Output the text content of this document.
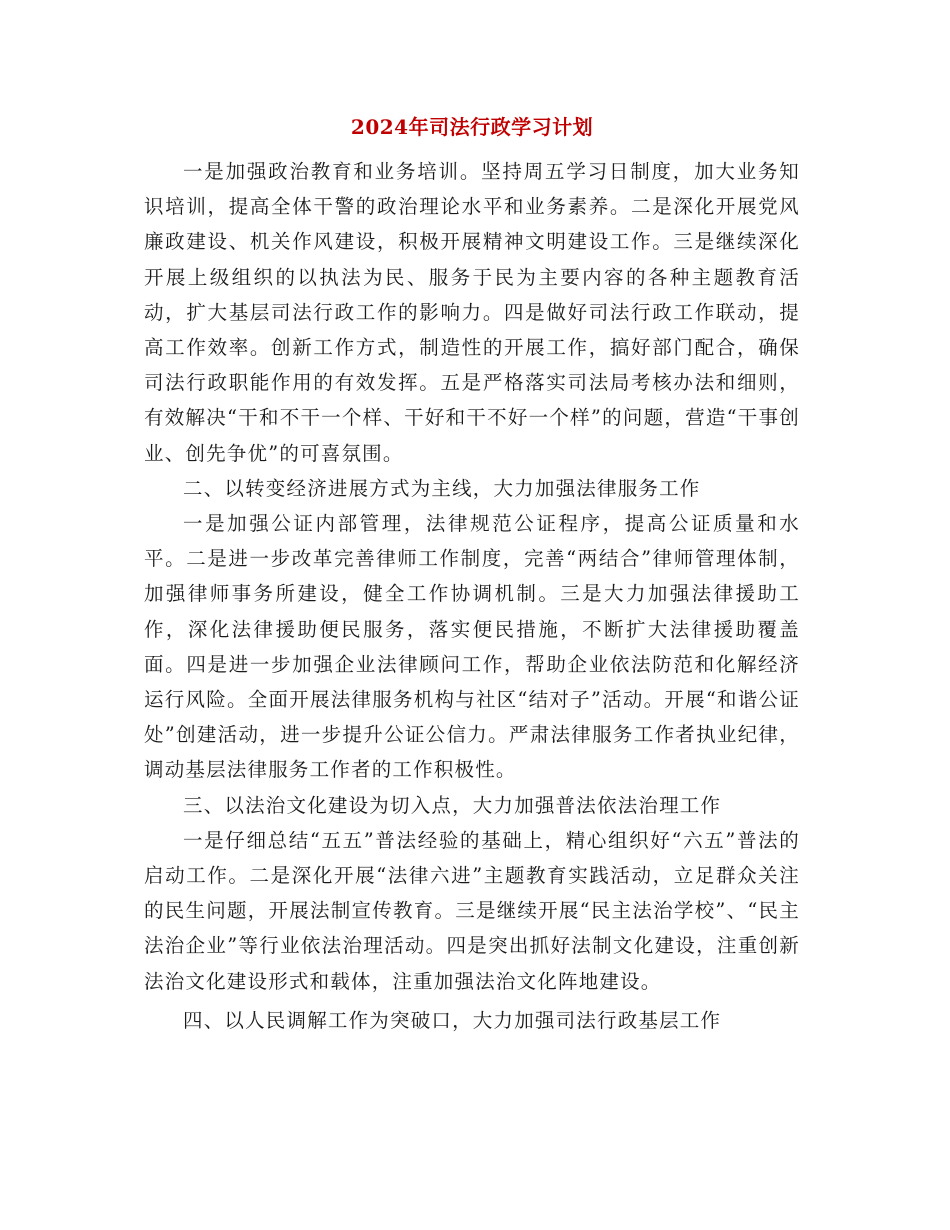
2024年司法行政学习计划

一是加强政治教育和业务培训。坚持周五学习日制度，加大业务知识培训，提高全体干警的政治理论水平和业务素养。二是深化开展党风廉政建设、机关作风建设，积极开展精神文明建设工作。三是继续深化开展上级组织的以执法为民、服务于民为主要内容的各种主题教育活动，扩大基层司法行政工作的影响力。四是做好司法行政工作联动，提高工作效率。创新工作方式，制造性的开展工作，搞好部门配合，确保司法行政职能作用的有效发挥。五是严格落实司法局考核办法和细则，有效解决“干和不干一个样、干好和干不好一个样”的问题，营造“干事创业、创先争优”的可喜氛围。

二、以转变经济进展方式为主线，大力加强法律服务工作

一是加强公证内部管理，法律规范公证程序，提高公证质量和水平。二是进一步改革完善律师工作制度，完善“两结合”律师管理体制，加强律师事务所建设，健全工作协调机制。三是大力加强法律援助工作，深化法律援助便民服务，落实便民措施，不断扩大法律援助覆盖面。四是进一步加强企业法律顾问工作，帮助企业依法防范和化解经济运行风险。全面开展法律服务机构与社区“结对子”活动。开展“和谐公证处”创建活动，进一步提升公证公信力。严肃法律服务工作者执业纪律，调动基层法律服务工作者的工作积极性。

三、以法治文化建设为切入点，大力加强普法依法治理工作

一是仔细总结“五五”普法经验的基础上，精心组织好“六五”普法的启动工作。二是深化开展“法律六进”主题教育实践活动，立足群众关注的民生问题，开展法制宣传教育。三是继续开展“民主法治学校”、“民主法治企业”等行业依法治理活动。四是突出抓好法制文化建设，注重创新法治文化建设形式和载体，注重加强法治文化阵地建设。

四、以人民调解工作为突破口，大力加强司法行政基层工作
